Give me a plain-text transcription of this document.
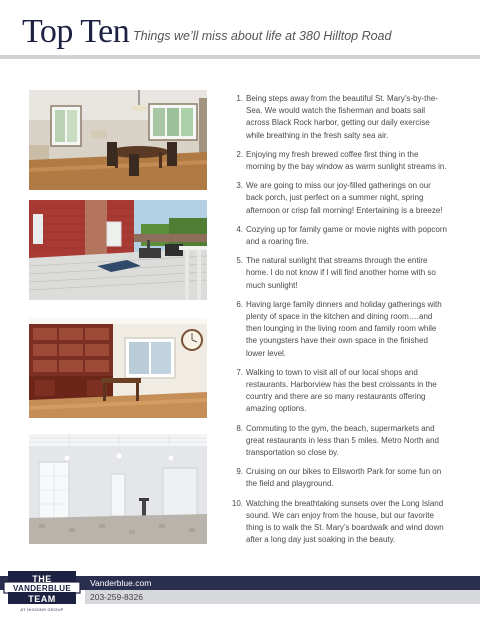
Top Ten Things we’ll miss about life at 380 Hilltop Road
1. Being steps away from the beautiful St. Mary’s-by-the-Sea. We would watch the fisherman and boats sail across Black Rock harbor, getting our daily exercise while breathing in the fresh salty sea air.
2. Enjoying my fresh brewed coffee first thing in the morning by the bay window as warm sunlight streams in.
3. We are going to miss our joy-filled gatherings on our back porch, just perfect on a summer night, spring afternoon or crisp fall morning! Entertaining is a breeze!
4. Cozying up for family game or movie nights with popcorn and a roaring fire.
5. The natural sunlight that streams through the entire home. I do not know if I will find another home with so much sunlight!
6. Having large family dinners and holiday gatherings with plenty of space in the kitchen and dining room….and then lounging in the living room and family room while the youngsters have their own space in the finished lower level.
7. Walking to town to visit all of our local shops and restaurants. Harborview has the best croissants in the country and there are so many restaurants offering amazing options.
8. Commuting to the gym, the beach, supermarkets and great restaurants in less than 5 miles. Metro North and transportation so close by.
9. Cruising on our bikes to Ellsworth Park for some fun on the field and playground.
10. Watching the breathtaking sunsets over the Long Island sound. We can enjoy from the house, but our favorite thing is to walk the St. Mary’s boardwalk and wind down after a long day just soaking in the beauty.
Vanderblue.com
203-259-8326
THE
VANDERBLUE
TEAM
AT HIGGINS GROUP
